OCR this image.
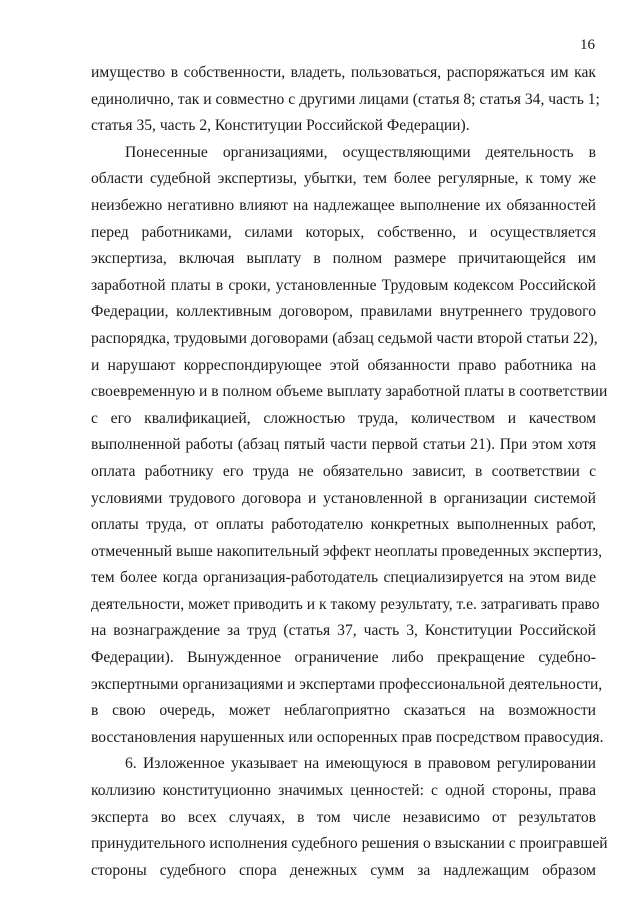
16
имущество в собственности, владеть, пользоваться, распоряжаться им как
единолично, так и совместно с другими лицами (статья 8; статья 34, часть 1;
статья 35, часть 2, Конституции Российской Федерации).
Понесенные организациями, осуществляющими деятельность в
области судебной экспертизы, убытки, тем более регулярные, к тому же
неизбежно негативно влияют на надлежащее выполнение их обязанностей
перед работниками, силами которых, собственно, и осуществляется
экспертиза, включая выплату в полном размере причитающейся им
заработной платы в сроки, установленные Трудовым кодексом Российской
Федерации, коллективным договором, правилами внутреннего трудового
распорядка, трудовыми договорами (абзац седьмой части второй статьи 22),
и нарушают корреспондирующее этой обязанности право работника на
своевременную и в полном объеме выплату заработной платы в соответствии
с его квалификацией, сложностью труда, количеством и качеством
выполненной работы (абзац пятый части первой статьи 21). При этом хотя
оплата работнику его труда не обязательно зависит, в соответствии с
условиями трудового договора и установленной в организации системой
оплаты труда, от оплаты работодателю конкретных выполненных работ,
отмеченный выше накопительный эффект неоплаты проведенных экспертиз,
тем более когда организация-работодатель специализируется на этом виде
деятельности, может приводить и к такому результату, т.е. затрагивать право
на вознаграждение за труд (статья 37, часть 3, Конституции Российской
Федерации). Вынужденное ограничение либо прекращение судебно-
экспертными организациями и экспертами профессиональной деятельности,
в свою очередь, может неблагоприятно сказаться на возможности
восстановления нарушенных или оспоренных прав посредством правосудия.
6. Изложенное указывает на имеющуюся в правовом регулировании
коллизию конституционно значимых ценностей: с одной стороны, права
эксперта во всех случаях, в том числе независимо от результатов
принудительного исполнения судебного решения о взыскании с проигравшей
стороны судебного спора денежных сумм за надлежащим образом
